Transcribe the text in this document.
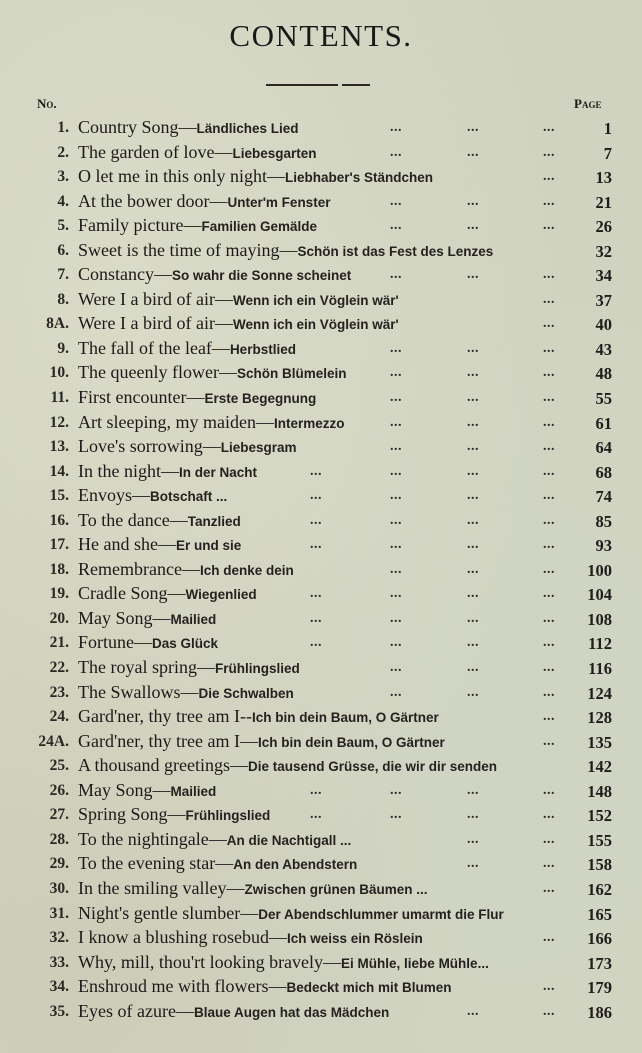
CONTENTS.
No.	Page
1. Country Song—Ländliches Lied	...	...	...	1
2. The garden of love—Liebesgarten	...	...	...	7
3. O let me in this only night—Liebhaber's Ständchen	...	13
4. At the bower door—Unter'm Fenster	...	...	...	21
5. Family picture—Familien Gemälde	...	...	...	26
6. Sweet is the time of maying—Schön ist das Fest des Lenzes	32
7. Constancy—So wahr die Sonne scheinet	...	...	...	34
8. Were I a bird of air—Wenn ich ein Vöglein wär'	...	37
8A. Were I a bird of air—Wenn ich ein Vöglein wär'	...	40
9. The fall of the leaf—Herbstlied	...	...	...	43
10. The queenly flower—Schön Blümelein	...	...	...	48
11. First encounter—Erste Begegnung	...	...	...	55
12. Art sleeping, my maiden—Intermezzo	...	...	...	61
13. Love's sorrowing—Liebesgram	...	...	...	64
14. In the night—In der Nacht	...	...	...	...	68
15. Envoys—Botschaft ...	...	...	...	...	74
16. To the dance—Tanzlied	...	...	...	...	85
17. He and she—Er und sie	...	...	...	...	93
18. Remembrance—Ich denke dein	...	...	...	100
19. Cradle Song—Wiegenlied	...	...	...	...	104
20. May Song—Mailied	...	...	...	...	108
21. Fortune—Das Glück	...	...	...	...	112
22. The royal spring—Frühlingslied	...	...	...	116
23. The Swallows—Die Schwalben	...	...	...	124
24. Gard'ner, thy tree am I--Ich bin dein Baum, O Gärtner	...	128
24A. Gard'ner, thy tree am I—Ich bin dein Baum, O Gärtner	...	135
25. A thousand greetings—Die tausend Grüsse, die wir dir senden	142
26. May Song—Mailied	...	...	...	...	148
27. Spring Song—Frühlingslied	...	...	...	...	152
28. To the nightingale—An die Nachtigall ...	...	...	155
29. To the evening star—An den Abendstern	...	...	158
30. In the smiling valley—Zwischen grünen Bäumen ...	...	162
31. Night's gentle slumber—Der Abendschlummer umarmt die Flur	165
32. I know a blushing rosebud—Ich weiss ein Röslein	...	166
33. Why, mill, thou'rt looking bravely—Ei Mühle, liebe Mühle...	173
34. Enshroud me with flowers—Bedeckt mich mit Blumen	...	179
35. Eyes of azure—Blaue Augen hat das Mädchen	...	...	186
